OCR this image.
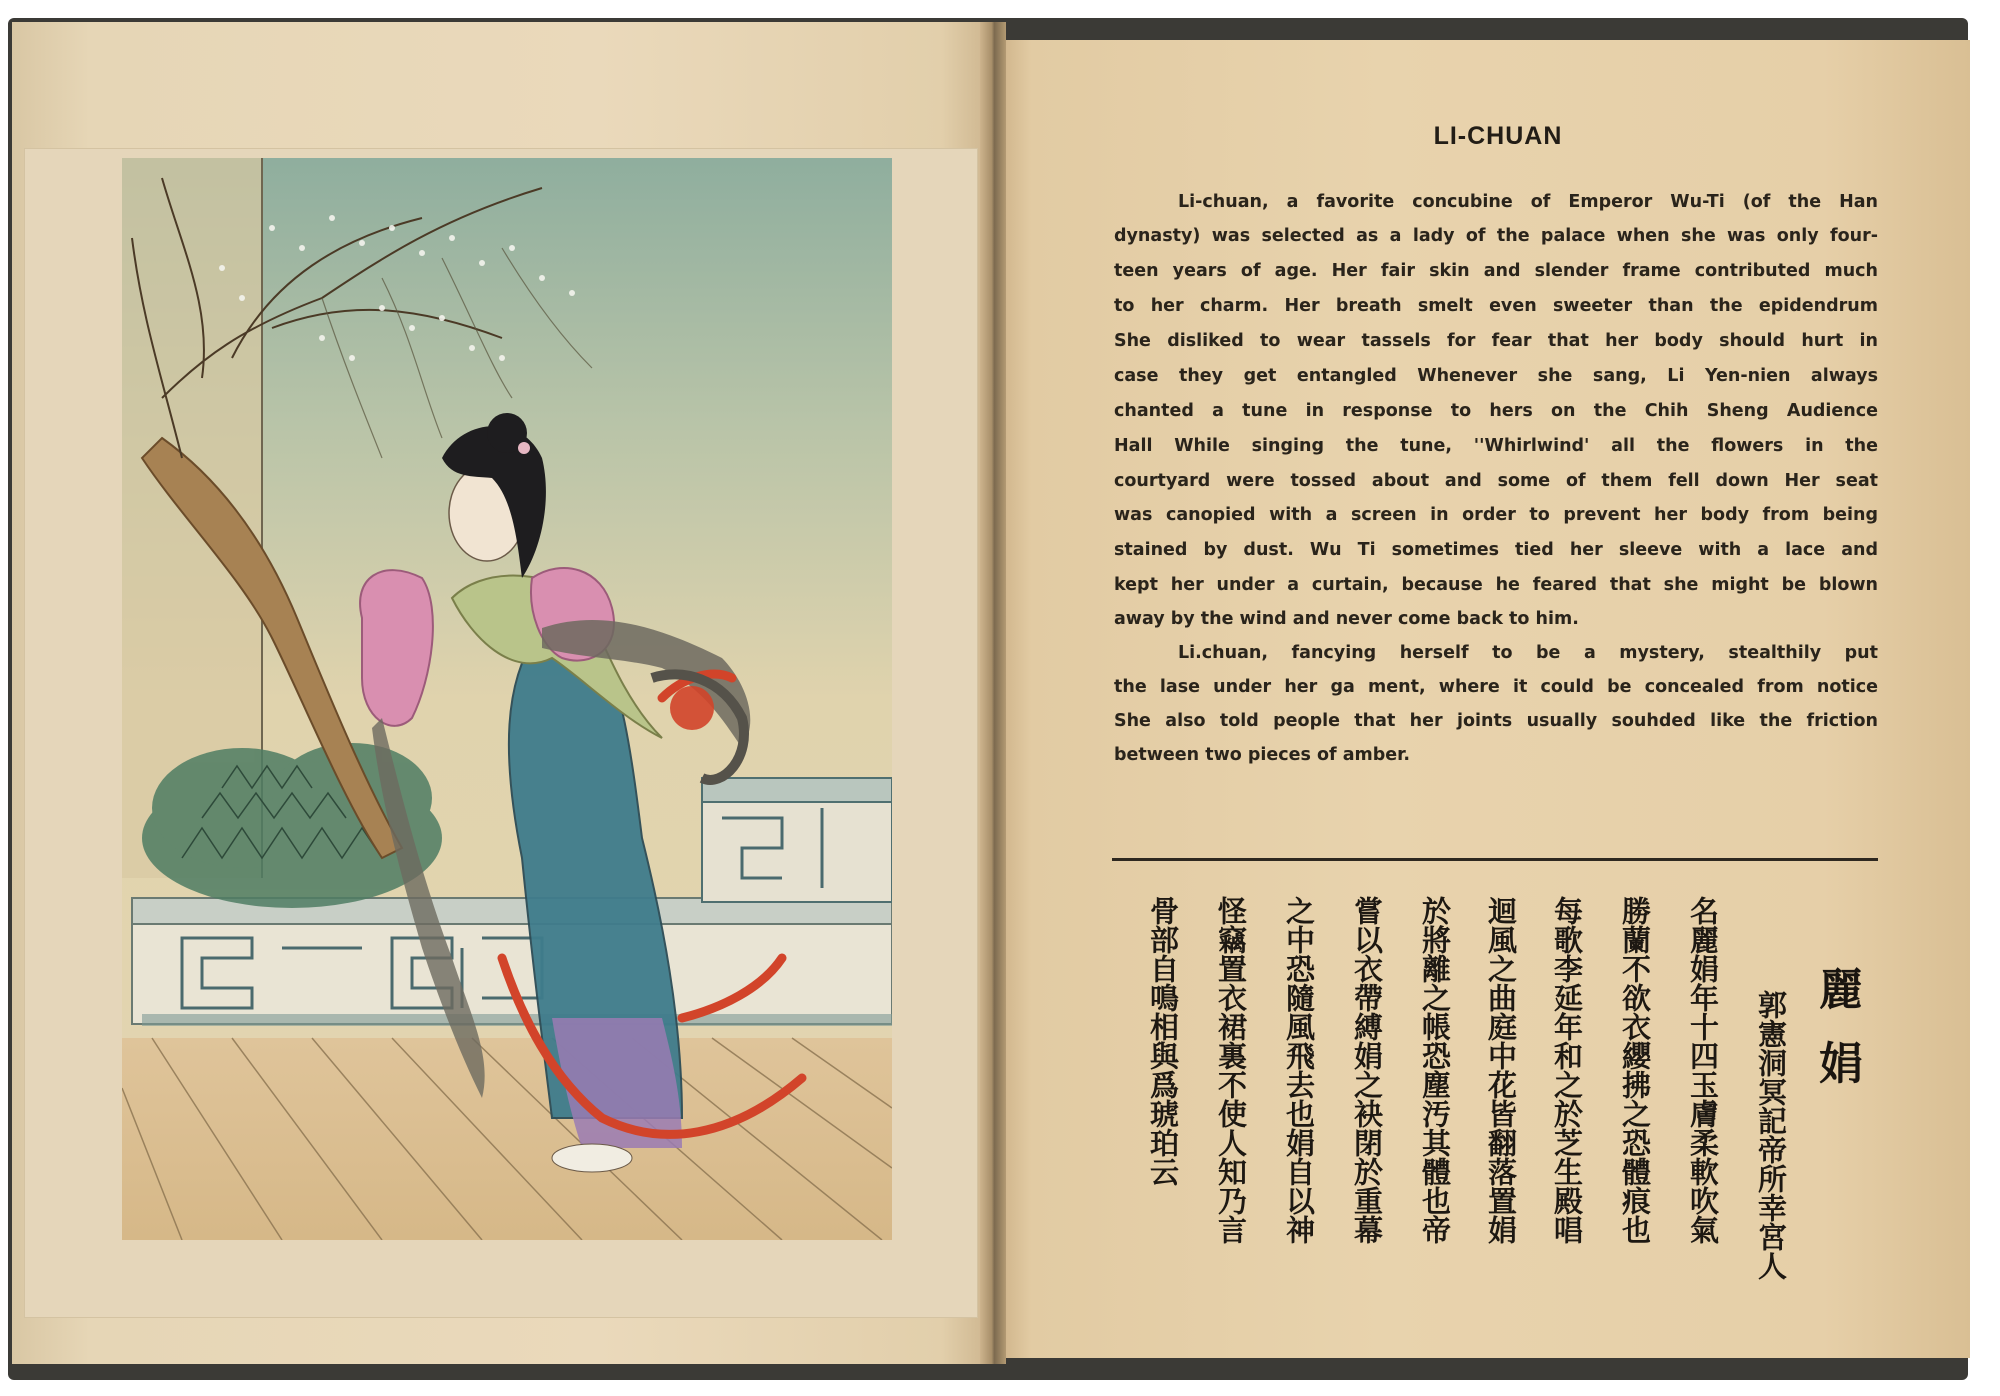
LI-CHUAN
Li-chuan, a favorite concubine of Emperor Wu-Ti (of the Han
dynasty) was selected as a lady of the palace when she was only four-
teen years of age. Her fair skin and slender frame contributed much
to her charm. Her breath smelt even sweeter than the epidendrum
She disliked to wear tassels for fear that her body should hurt in
case they get entangled Whenever she sang, Li Yen-nien always
chanted a tune in response to hers on the Chih Sheng Audience
Hall While singing the tune, ''Whirlwind' all the flowers in the
courtyard were tossed about and some of them fell down Her seat
was canopied with a screen in order to prevent her body from being
stained by dust. Wu Ti sometimes tied her sleeve with a lace and
kept her under a curtain, because he feared that she might be blown
away by the wind and never come back to him.
Li.chuan, fancying herself to be a mystery, stealthily put
the lase under her ga ment, where it could be concealed from notice
She also told people that her joints usually souhded like the friction
between two pieces of amber.
麗娟
郭憲洞冥記帝所幸宮人
名麗娟年十四玉膚柔軟吹氣
勝蘭不欲衣纓拂之恐體痕也
每歌李延年和之於芝生殿唱
迴風之曲庭中花皆翻落置娟
於將離之帳恐塵汚其體也帝
嘗以衣帶縛娟之袂閉於重幕
之中恐隨風飛去也娟自以神
怪竊置衣裙裏不使人知乃言
骨部自鳴相與爲琥珀云
